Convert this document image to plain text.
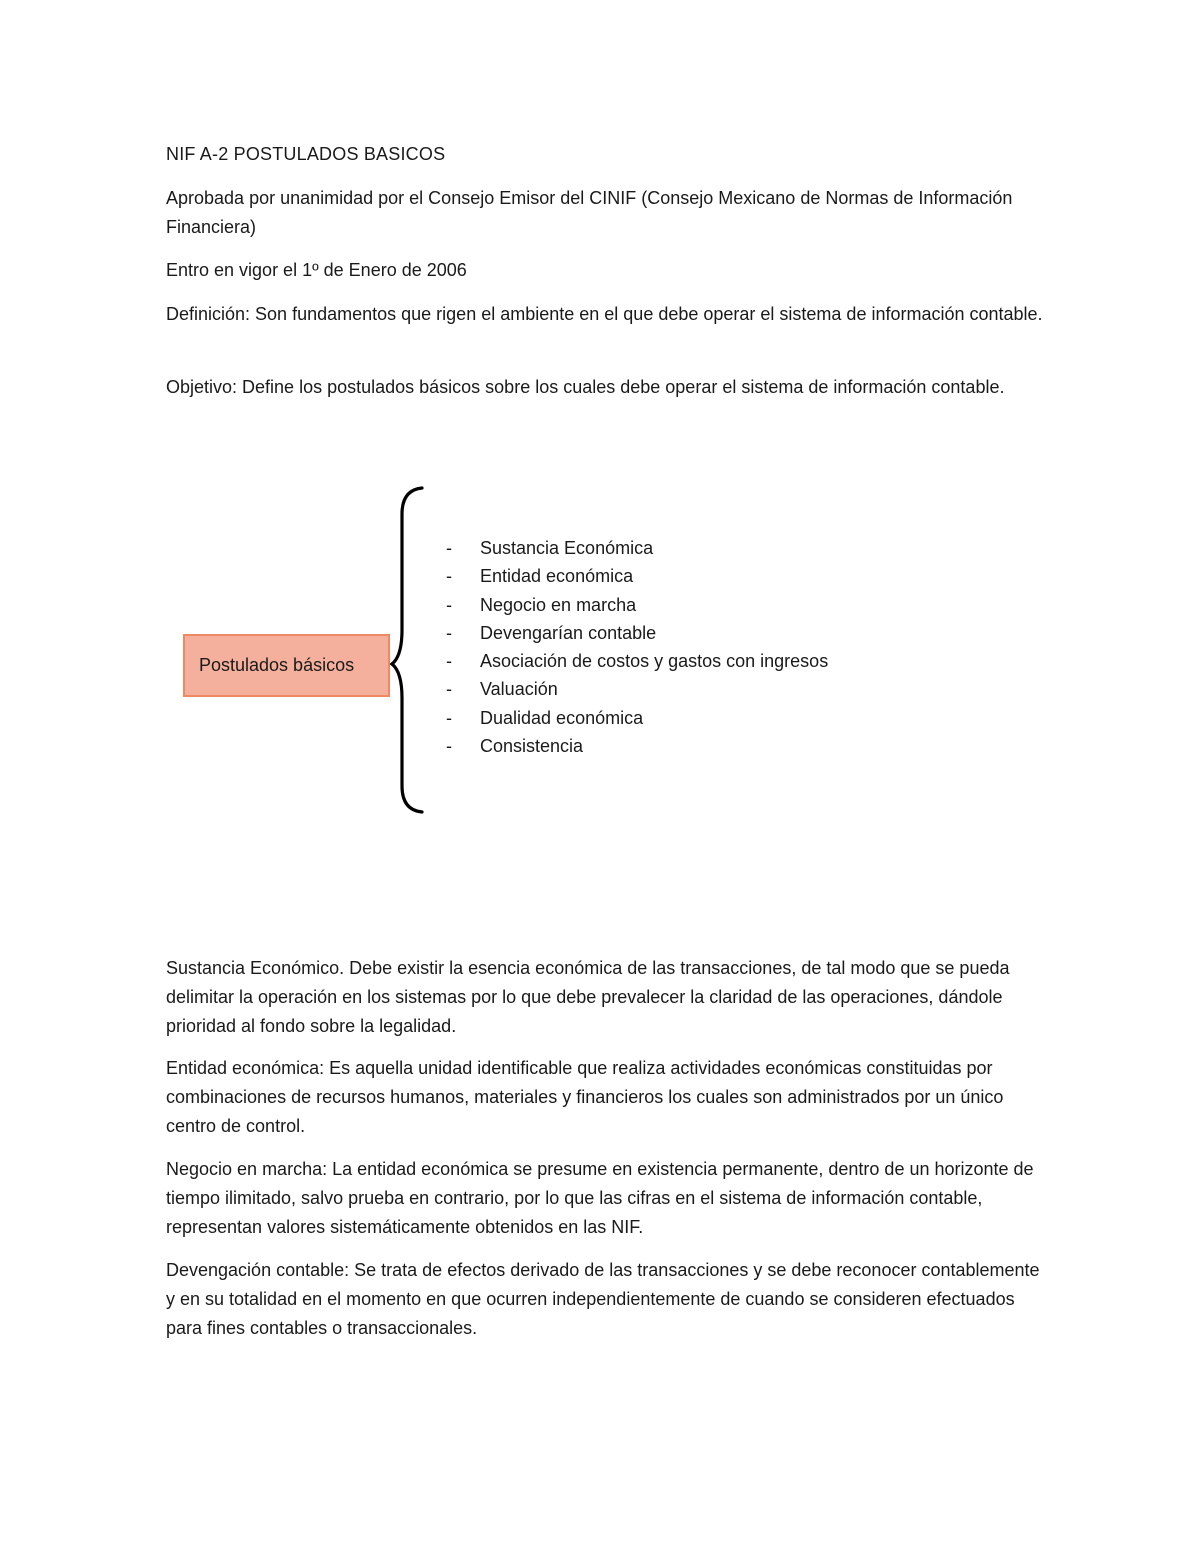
NIF A-2 POSTULADOS BASICOS

Aprobada por unanimidad por el Consejo Emisor del CINIF (Consejo Mexicano de Normas de Información Financiera)

Entro en vigor el 1º de Enero de 2006

Definición: Son fundamentos que rigen el ambiente en el que debe operar el sistema de información contable.

Objetivo: Define los postulados básicos sobre los cuales debe operar el sistema de información contable.

Postulados básicos
-	Sustancia Económica
-	Entidad económica
-	Negocio en marcha
-	Devengarían contable
-	Asociación de costos y gastos con ingresos
-	Valuación
-	Dualidad económica
-	Consistencia

Sustancia Económico. Debe existir la esencia económica de las transacciones, de tal modo que se pueda delimitar la operación en los sistemas por lo que debe prevalecer la claridad de las operaciones, dándole prioridad al fondo sobre la legalidad.

Entidad económica: Es aquella unidad identificable que realiza actividades económicas constituidas por combinaciones de recursos humanos, materiales y financieros los cuales son administrados por un único centro de control.

Negocio en marcha: La entidad económica se presume en existencia permanente, dentro de un horizonte de tiempo ilimitado, salvo prueba en contrario, por lo que las cifras en el sistema de información contable, representan valores sistemáticamente obtenidos en las NIF.

Devengación contable: Se trata de efectos derivado de las transacciones y se debe reconocer contablemente y en su totalidad en el momento en que ocurren independientemente de cuando se consideren efectuados para fines contables o transaccionales.
